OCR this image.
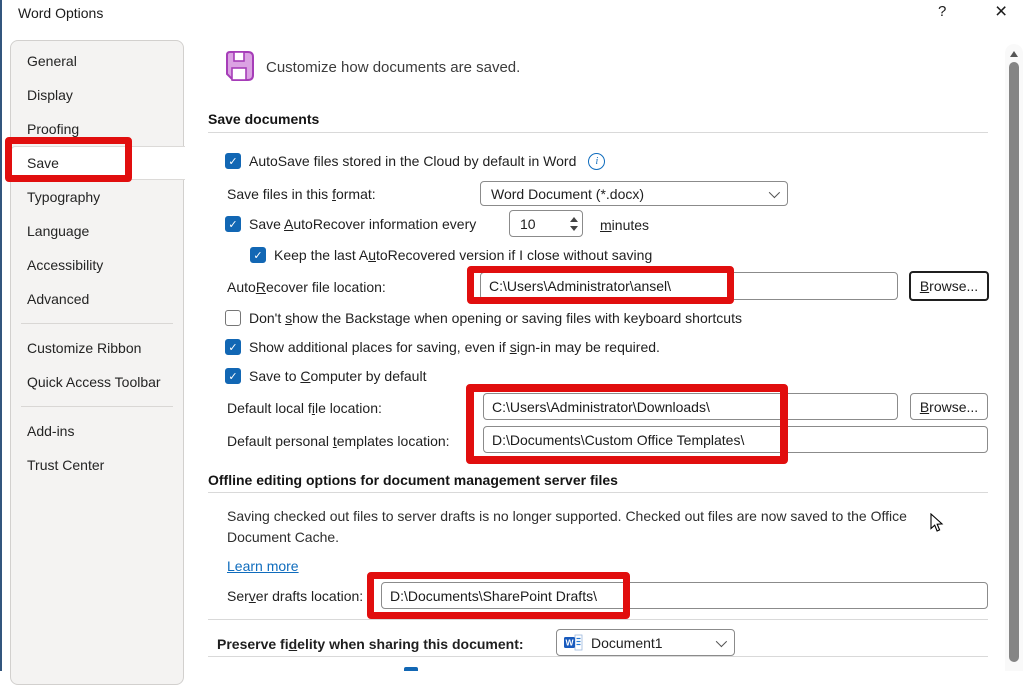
Word Options	? ×
General
Display
Proofing
Save
Typography
Language
Accessibility
Advanced
Customize Ribbon
Quick Access Toolbar
Add-ins
Trust Center
Customize how documents are saved.
Save documents
✓ AutoSave files stored in the Cloud by default in Word	i
Save files in this format:	Word Document (*.docx)
✓ Save AutoRecover information every	10	minutes
✓ Keep the last AutoRecovered version if I close without saving
AutoRecover file location:
C:\Users\Administrator\ansel\	Browse...
Don't show the Backstage when opening or saving files with keyboard shortcuts
✓ Show additional places for saving, even if sign-in may be required.
✓ Save to Computer by default
Default local file location:
C:\Users\Administrator\Downloads\	Browse...
Default personal templates location:
D:\Documents\Custom Office Templates\
Offline editing options for document management server files
Saving checked out files to server drafts is no longer supported. Checked out files are now saved to the Office Document Cache.
Learn more
Server drafts location:
D:\Documents\SharePoint Drafts\
Preserve fidelity when sharing this document:	W Document1
